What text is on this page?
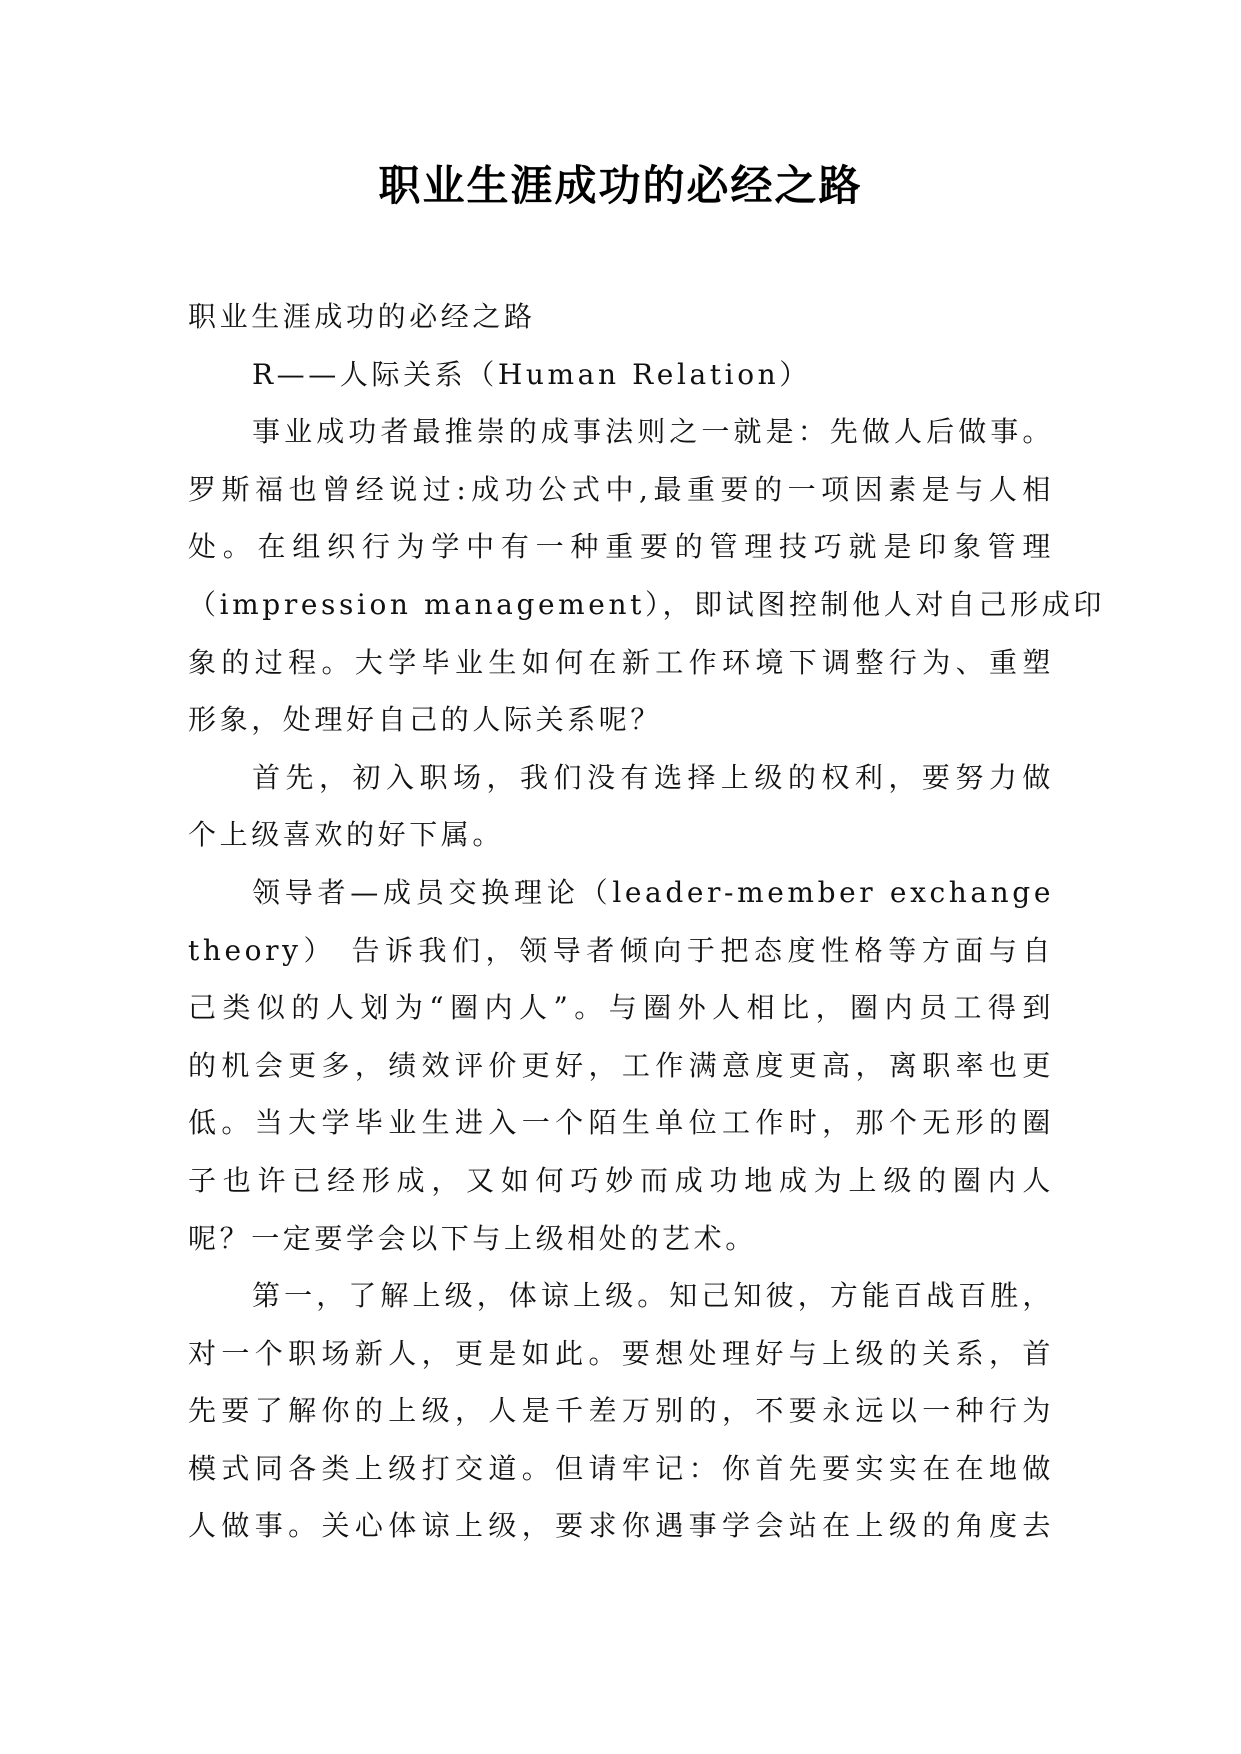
职业生涯成功的必经之路

职业生涯成功的必经之路

R——人际关系（Human Relation）

事业成功者最推崇的成事法则之一就是：先做人后做事。

罗斯福也曾经说过:成功公式中,最重要的一项因素是与人相

处。在组织行为学中有一种重要的管理技巧就是印象管理

（impression management），即试图控制他人对自己形成印

象的过程。大学毕业生如何在新工作环境下调整行为、重塑

形象，处理好自己的人际关系呢？

首先，初入职场，我们没有选择上级的权利，要努力做

个上级喜欢的好下属。

领导者—成员交换理论（leader-member exchange

theory） 告诉我们，领导者倾向于把态度性格等方面与自

己类似的人划为“圈内人”。与圈外人相比，圈内员工得到

的机会更多，绩效评价更好，工作满意度更高，离职率也更

低。当大学毕业生进入一个陌生单位工作时，那个无形的圈

子也许已经形成，又如何巧妙而成功地成为上级的圈内人

呢？一定要学会以下与上级相处的艺术。

第一，了解上级，体谅上级。知己知彼，方能百战百胜，

对一个职场新人，更是如此。要想处理好与上级的关系，首

先要了解你的上级，人是千差万别的，不要永远以一种行为

模式同各类上级打交道。但请牢记：你首先要实实在在地做

人做事。关心体谅上级，要求你遇事学会站在上级的角度去
